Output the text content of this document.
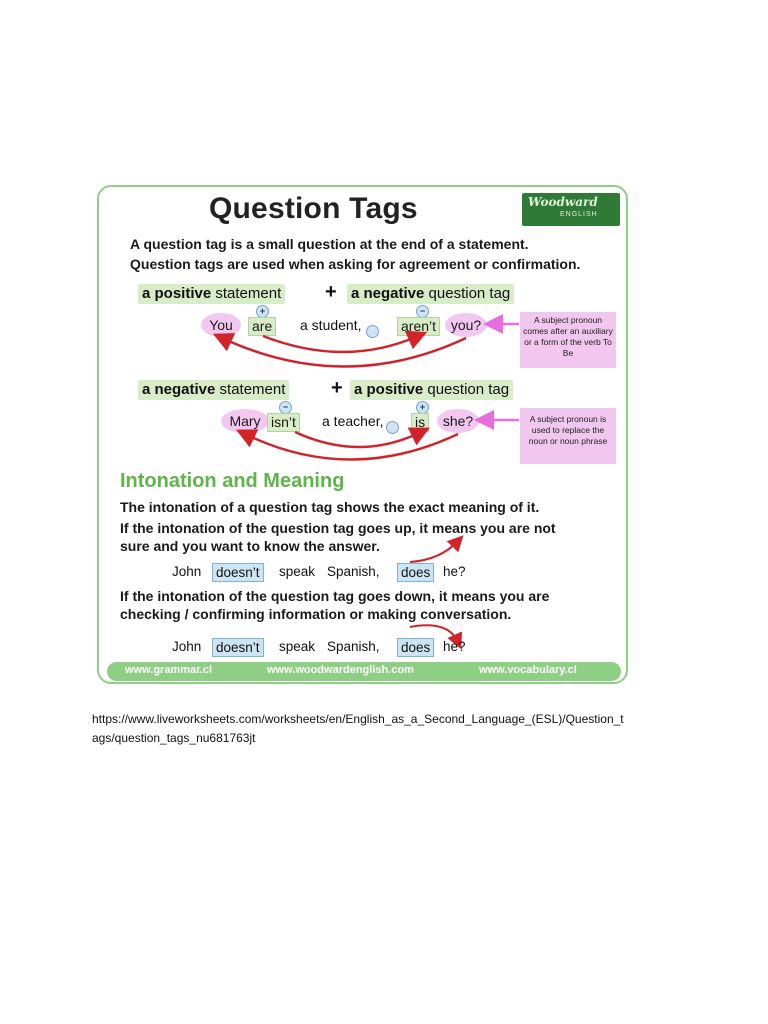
Question Tags	Woodward
ENGLISH
A question tag is a small question at the end of a statement.
Question tags are used when asking for agreement or confirmation.
a positive statement + a negative question tag
You
+
are a student,
−
aren’t	you?	A subject pronoun comes after an auxiliary or a form of the verb To Be
a negative statement + a positive question tag
Mary
−
isn’t a teacher,
+
is	she?	A subject pronoun is used to replace the noun or noun phrase
Intonation and Meaning
The intonation of a question tag shows the exact meaning of it.
If the intonation of the question tag goes up, it means you are not
sure and you want to know the answer.
John doesn’t speak Spanish, does he?
If the intonation of the question tag goes down, it means you are
checking / confirming information or making conversation.
John doesn’t speak Spanish, does he?
www.grammar.cl	www.woodwardenglish.com	www.vocabulary.cl
https://www.liveworksheets.com/worksheets/en/English_as_a_Second_Language_(ESL)/Question_t
ags/question_tags_nu681763jt
